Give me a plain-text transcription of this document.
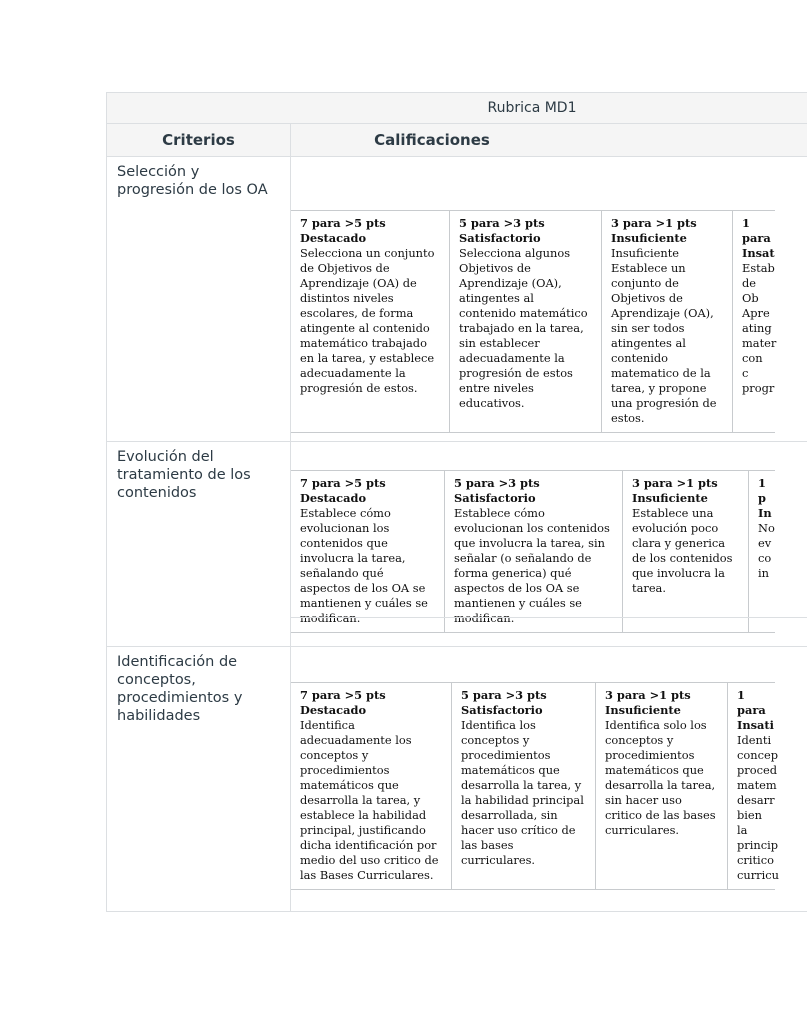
Rubrica MD1
Criterios	Calificaciones
Selección y progresión de los OA
7 para >5 pts
Destacado
Selecciona un conjunto de Objetivos de Aprendizaje (OA) de distintos niveles escolares, de forma atingente al contenido matemático trabajado en la tarea, y establece adecuadamente la progresión de estos.
5 para >3 pts
Satisfactorio
Selecciona algunos Objetivos de Aprendizaje (OA), atingentes al contenido matemático trabajado en la tarea, sin establecer adecuadamente la progresión de estos entre niveles educativos.
3 para >1 pts
Insuficiente
Insuficiente Establece un conjunto de Objetivos de Aprendizaje (OA), sin ser todos atingentes al contenido matematico de la tarea, y propone una progresión de estos.
1 para
Insat
Estab de Ob Apre ating mater con c progr
Evolución del tratamiento de los contenidos
7 para >5 pts
Destacado
Establece cómo evolucionan los contenidos que involucra la tarea, señalando qué aspectos de los OA se mantienen y cuáles se modifican.
5 para >3 pts
Satisfactorio
Establece cómo evolucionan los contenidos que involucra la tarea, sin señalar (o señalando de forma generica) qué aspectos de los OA se mantienen y cuáles se modifican.
3 para >1 pts
Insuficiente
Establece una evolución poco clara y generica de los contenidos que involucra la tarea.
1 p
In
No ev co in
Identificación de conceptos, procedimientos y habilidades
7 para >5 pts
Destacado
Identifica adecuadamente los conceptos y procedimientos matemáticos que desarrolla la tarea, y establece la habilidad principal, justificando dicha identificación por medio del uso critico de las Bases Curriculares.
5 para >3 pts
Satisfactorio
Identifica los conceptos y procedimientos matemáticos que desarrolla la tarea, y la habilidad principal desarrollada, sin hacer uso crítico de las bases curriculares.
3 para >1 pts
Insuficiente
Identifica solo los conceptos y procedimientos matemáticos que desarrolla la tarea, sin hacer uso critico de las bases curriculares.
1 para
Insati
Identi concep proced matem desarr bien la princip critico curricu
